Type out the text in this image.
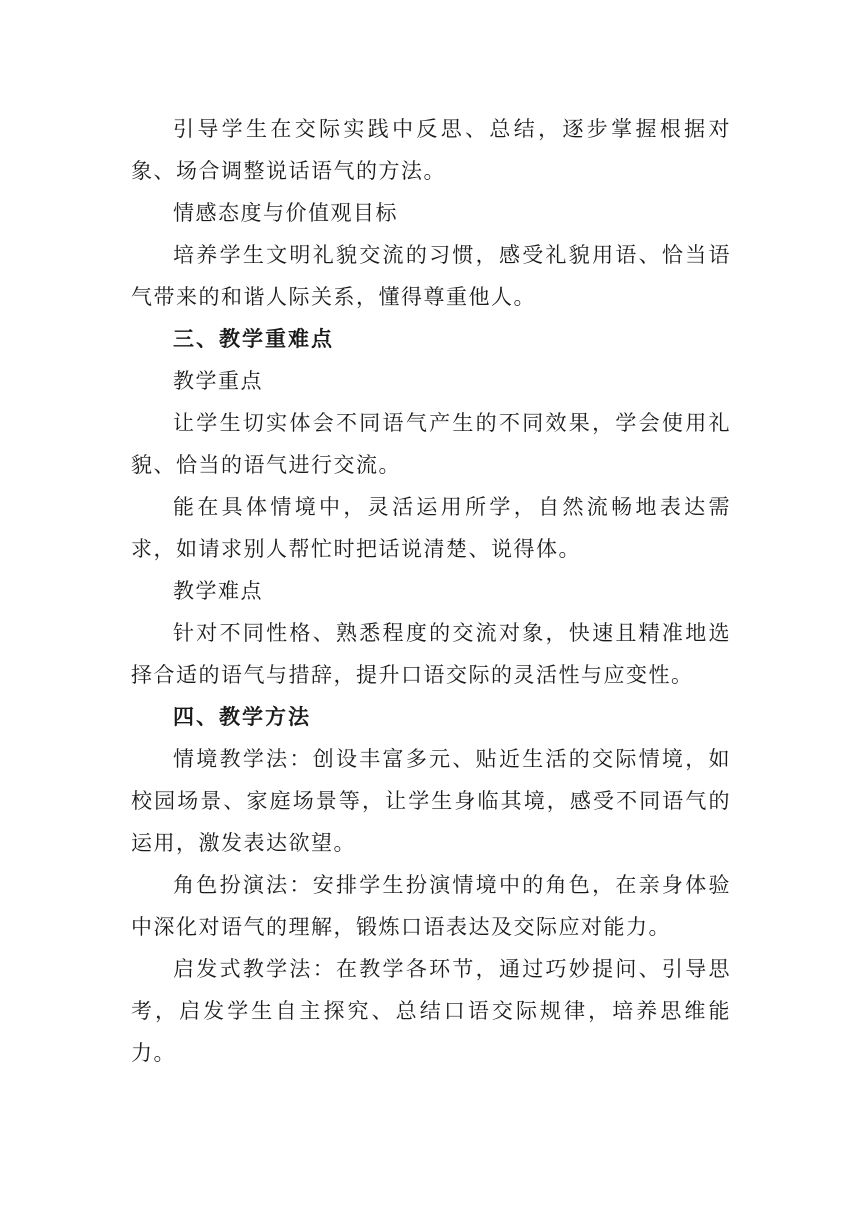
引导学生在交际实践中反思、总结，逐步掌握根据对象、场合调整说话语气的方法。

情感态度与价值观目标

培养学生文明礼貌交流的习惯，感受礼貌用语、恰当语气带来的和谐人际关系，懂得尊重他人。

三、教学重难点

教学重点

让学生切实体会不同语气产生的不同效果，学会使用礼貌、恰当的语气进行交流。

能在具体情境中，灵活运用所学，自然流畅地表达需求，如请求别人帮忙时把话说清楚、说得体。

教学难点

针对不同性格、熟悉程度的交流对象，快速且精准地选择合适的语气与措辞，提升口语交际的灵活性与应变性。

四、教学方法

情境教学法：创设丰富多元、贴近生活的交际情境，如校园场景、家庭场景等，让学生身临其境，感受不同语气的运用，激发表达欲望。

角色扮演法：安排学生扮演情境中的角色，在亲身体验中深化对语气的理解，锻炼口语表达及交际应对能力。

启发式教学法：在教学各环节，通过巧妙提问、引导思考，启发学生自主探究、总结口语交际规律，培养思维能力。
